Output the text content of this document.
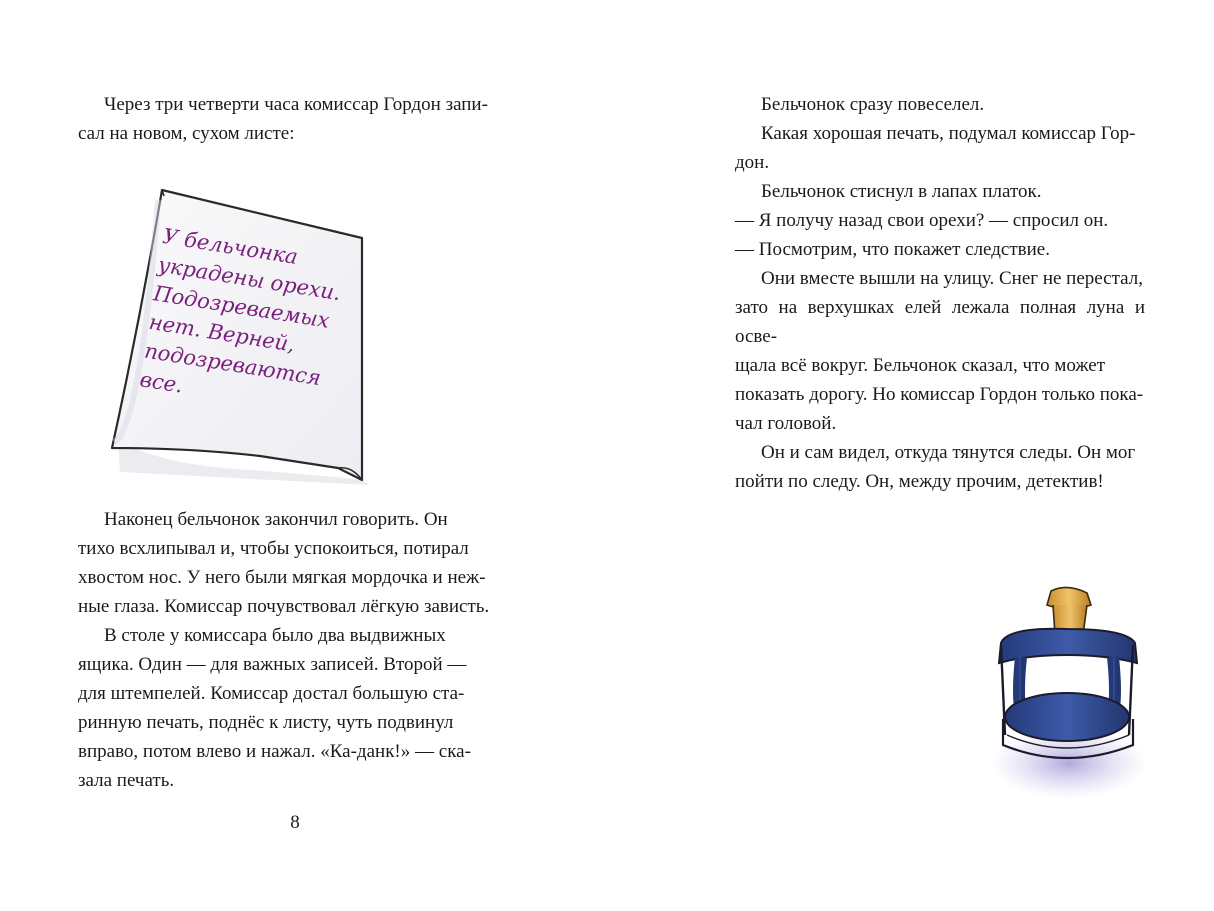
Через три четверти часа комиссар Гордон запи-
сал на новом, сухом листе:

У бельчонка
украдены орехи.
Подозреваемых
нет. Верней,
подозреваются все.

Наконец бельчонок закончил говорить. Он
тихо всхлипывал и, чтобы успокоиться, потирал
хвостом нос. У него были мягкая мордочка и неж-
ные глаза. Комиссар почувствовал лёгкую зависть.

В столе у комиссара было два выдвижных
ящика. Один — для важных записей. Второй —
для штемпелей. Комиссар достал большую ста-
ринную печать, поднёс к листу, чуть подвинул
вправо, потом влево и нажал. «Ка-данк!» — ска-
зала печать.

8

Бельчонок сразу повеселел.

Какая хорошая печать, подумал комиссар Гор-
дон.

Бельчонок стиснул в лапах платок.

— Я получу назад свои орехи? — спросил он.

— Посмотрим, что покажет следствие.

Они вместе вышли на улицу. Снег не перестал,
зато на верхушках елей лежала полная луна и осве-
щала всё вокруг. Бельчонок сказал, что может
показать дорогу. Но комиссар Гордон только пока-
чал головой.

Он и сам видел, откуда тянутся следы. Он мог
пойти по следу. Он, между прочим, детектив!
